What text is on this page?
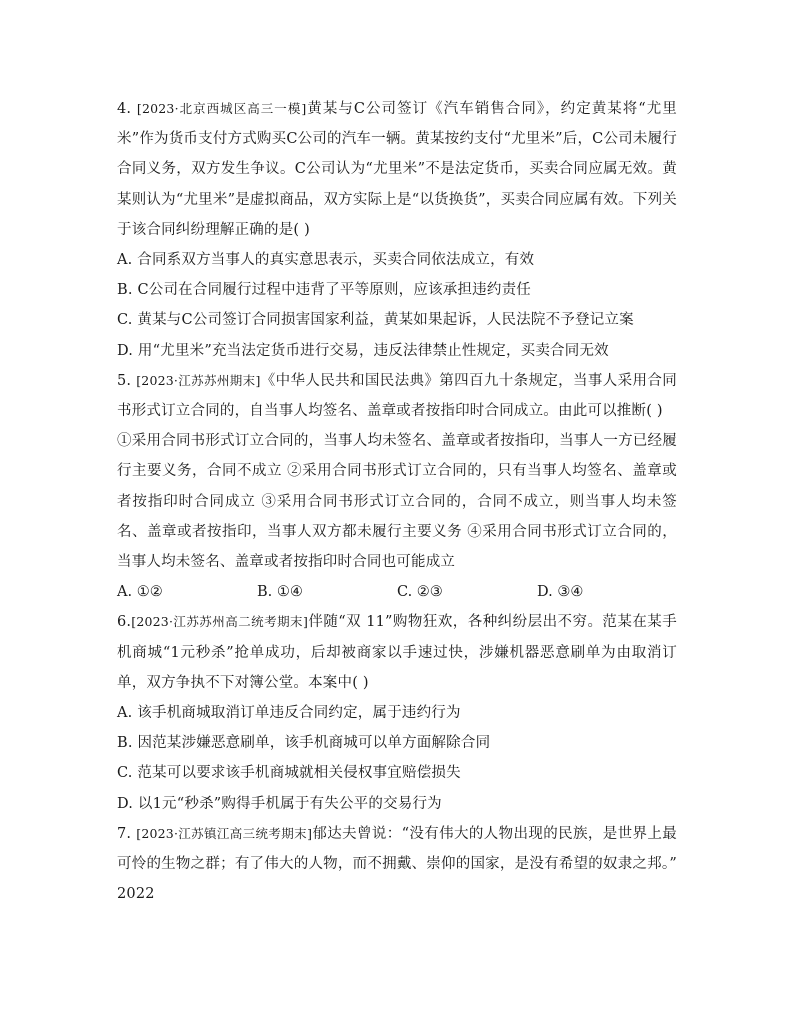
4. [2023·北京西城区高三一模]黄某与C公司签订《汽车销售合同》，约定黄某将“尤里米”作为货币支付方式购买C公司的汽车一辆。黄某按约支付“尤里米”后，C公司未履行合同义务，双方发生争议。C公司认为“尤里米”不是法定货币，买卖合同应属无效。黄某则认为“尤里米”是虚拟商品，双方实际上是“以货换货”，买卖合同应属有效。下列关于该合同纠纷理解正确的是( )

A. 合同系双方当事人的真实意思表示，买卖合同依法成立，有效

B. C公司在合同履行过程中违背了平等原则，应该承担违约责任

C. 黄某与C公司签订合同损害国家利益，黄某如果起诉，人民法院不予登记立案

D. 用“尤里米”充当法定货币进行交易，违反法律禁止性规定，买卖合同无效

5. [2023·江苏苏州期末]《中华人民共和国民法典》第四百九十条规定，当事人采用合同书形式订立合同的，自当事人均签名、盖章或者按指印时合同成立。由此可以推断( )

①采用合同书形式订立合同的，当事人均未签名、盖章或者按指印，当事人一方已经履行主要义务，合同不成立 ②采用合同书形式订立合同的，只有当事人均签名、盖章或者按指印时合同成立 ③采用合同书形式订立合同的，合同不成立，则当事人均未签名、盖章或者按指印，当事人双方都未履行主要义务 ④采用合同书形式订立合同的，当事人均未签名、盖章或者按指印时合同也可能成立

A. ①②	B. ①④	C. ②③	D. ③④

6.[2023·江苏苏州高二统考期末]伴随“双 11”购物狂欢，各种纠纷层出不穷。范某在某手机商城“1元秒杀”抢单成功，后却被商家以手速过快，涉嫌机器恶意刷单为由取消订单，双方争执不下对簿公堂。本案中( )

A. 该手机商城取消订单违反合同约定，属于违约行为

B. 因范某涉嫌恶意刷单，该手机商城可以单方面解除合同

C. 范某可以要求该手机商城就相关侵权事宜赔偿损失

D. 以1元“秒杀”购得手机属于有失公平的交易行为

7. [2023·江苏镇江高三统考期末]郁达夫曾说：“没有伟大的人物出现的民族，是世界上最可怜的生物之群；有了伟大的人物，而不拥戴、崇仰的国家，是没有希望的奴隶之邦。” 2022
